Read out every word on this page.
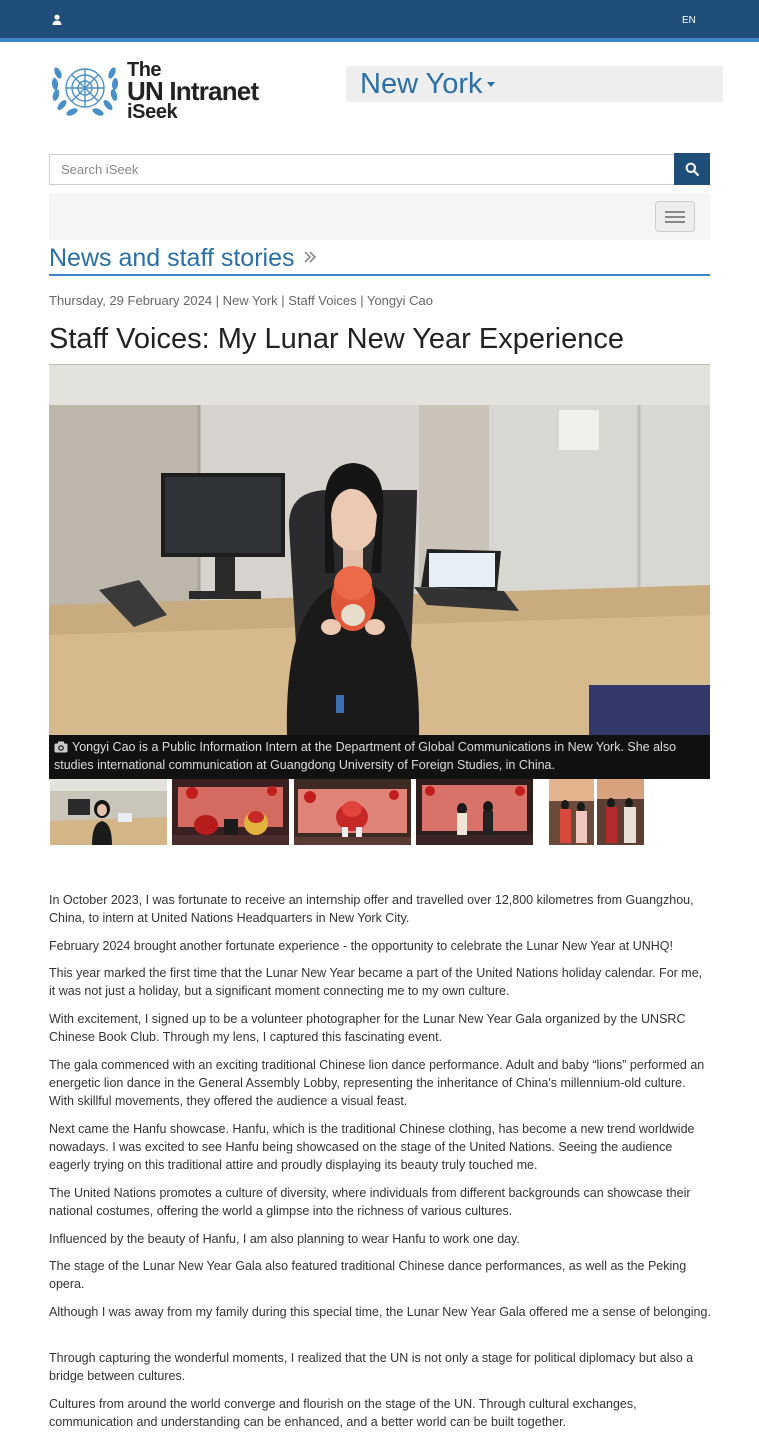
EN
The
UN Intranet
iSeek
New York
Search iSeek
News and staff stories
Thursday, 29 February 2024 | New York | Staff Voices | Yongyi Cao
Staff Voices: My Lunar New Year Experience
Yongyi Cao is a Public Information Intern at the Department of Global Communications in New York. She also studies international communication at Guangdong University of Foreign Studies, in China.

In October 2023, I was fortunate to receive an internship offer and travelled over 12,800 kilometres from Guangzhou, China, to intern at United Nations Headquarters in New York City.

February 2024 brought another fortunate experience - the opportunity to celebrate the Lunar New Year at UNHQ!

This year marked the first time that the Lunar New Year became a part of the United Nations holiday calendar. For me, it was not just a holiday, but a significant moment connecting me to my own culture.

With excitement, I signed up to be a volunteer photographer for the Lunar New Year Gala organized by the UNSRC Chinese Book Club. Through my lens, I captured this fascinating event.

The gala commenced with an exciting traditional Chinese lion dance performance. Adult and baby “lions” performed an energetic lion dance in the General Assembly Lobby, representing the inheritance of China's millennium-old culture. With skillful movements, they offered the audience a visual feast.

Next came the Hanfu showcase. Hanfu, which is the traditional Chinese clothing, has become a new trend worldwide nowadays. I was excited to see Hanfu being showcased on the stage of the United Nations. Seeing the audience eagerly trying on this traditional attire and proudly displaying its beauty truly touched me.

The United Nations promotes a culture of diversity, where individuals from different backgrounds can showcase their national costumes, offering the world a glimpse into the richness of various cultures.

Influenced by the beauty of Hanfu, I am also planning to wear Hanfu to work one day.

The stage of the Lunar New Year Gala also featured traditional Chinese dance performances, as well as the Peking opera.

Although I was away from my family during this special time, the Lunar New Year Gala offered me a sense of belonging.

Through capturing the wonderful moments, I realized that the UN is not only a stage for political diplomacy but also a bridge between cultures.

Cultures from around the world converge and flourish on the stage of the UN. Through cultural exchanges, communication and understanding can be enhanced, and a better world can be built together.
